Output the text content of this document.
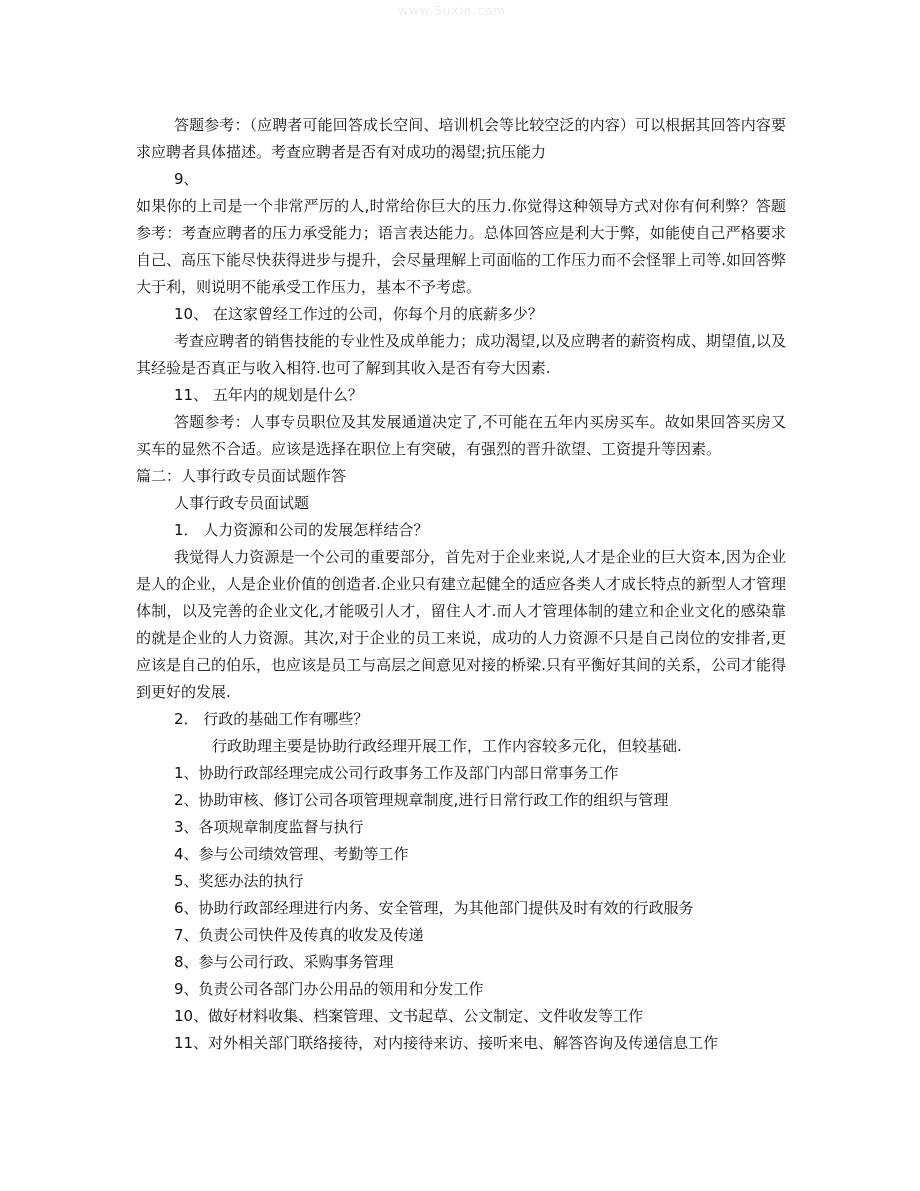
www.5uxin.com

答题参考：（应聘者可能回答成长空间、培训机会等比较空泛的内容）可以根据其回答内容要求应聘者具体描述。考查应聘者是否有对成功的渴望;抗压能力

9、

如果你的上司是一个非常严厉的人,时常给你巨大的压力.你觉得这种领导方式对你有何利弊？答题参考：考查应聘者的压力承受能力；语言表达能力。总体回答应是利大于弊，如能使自己严格要求自己、高压下能尽快获得进步与提升，会尽量理解上司面临的工作压力而不会怪罪上司等.如回答弊大于利，则说明不能承受工作压力，基本不予考虑。

10、 在这家曾经工作过的公司，你每个月的底薪多少？

考查应聘者的销售技能的专业性及成单能力；成功渴望,以及应聘者的薪资构成、期望值,以及其经验是否真正与收入相符.也可了解到其收入是否有夸大因素.

11、 五年内的规划是什么？

答题参考：人事专员职位及其发展通道决定了,不可能在五年内买房买车。故如果回答买房又买车的显然不合适。应该是选择在职位上有突破，有强烈的晋升欲望、工资提升等因素。

篇二：人事行政专员面试题作答

人事行政专员面试题

1． 人力资源和公司的发展怎样结合？

我觉得人力资源是一个公司的重要部分，首先对于企业来说,人才是企业的巨大资本,因为企业是人的企业，人是企业价值的创造者.企业只有建立起健全的适应各类人才成长特点的新型人才管理体制，以及完善的企业文化,才能吸引人才，留住人才.而人才管理体制的建立和企业文化的感染靠的就是企业的人力资源。其次,对于企业的员工来说，成功的人力资源不只是自己岗位的安排者,更应该是自己的伯乐，也应该是员工与高层之间意见对接的桥梁.只有平衡好其间的关系，公司才能得到更好的发展.

2． 行政的基础工作有哪些？

行政助理主要是协助行政经理开展工作，工作内容较多元化，但较基础.

1、协助行政部经理完成公司行政事务工作及部门内部日常事务工作

2、协助审核、修订公司各项管理规章制度,进行日常行政工作的组织与管理

3、各项规章制度监督与执行

4、参与公司绩效管理、考勤等工作

5、奖惩办法的执行

6、协助行政部经理进行内务、安全管理，为其他部门提供及时有效的行政服务

7、负责公司快件及传真的收发及传递

8、参与公司行政、采购事务管理

9、负责公司各部门办公用品的领用和分发工作

10、做好材料收集、档案管理、文书起草、公文制定、文件收发等工作

11、对外相关部门联络接待，对内接待来访、接听来电、解答咨询及传递信息工作
